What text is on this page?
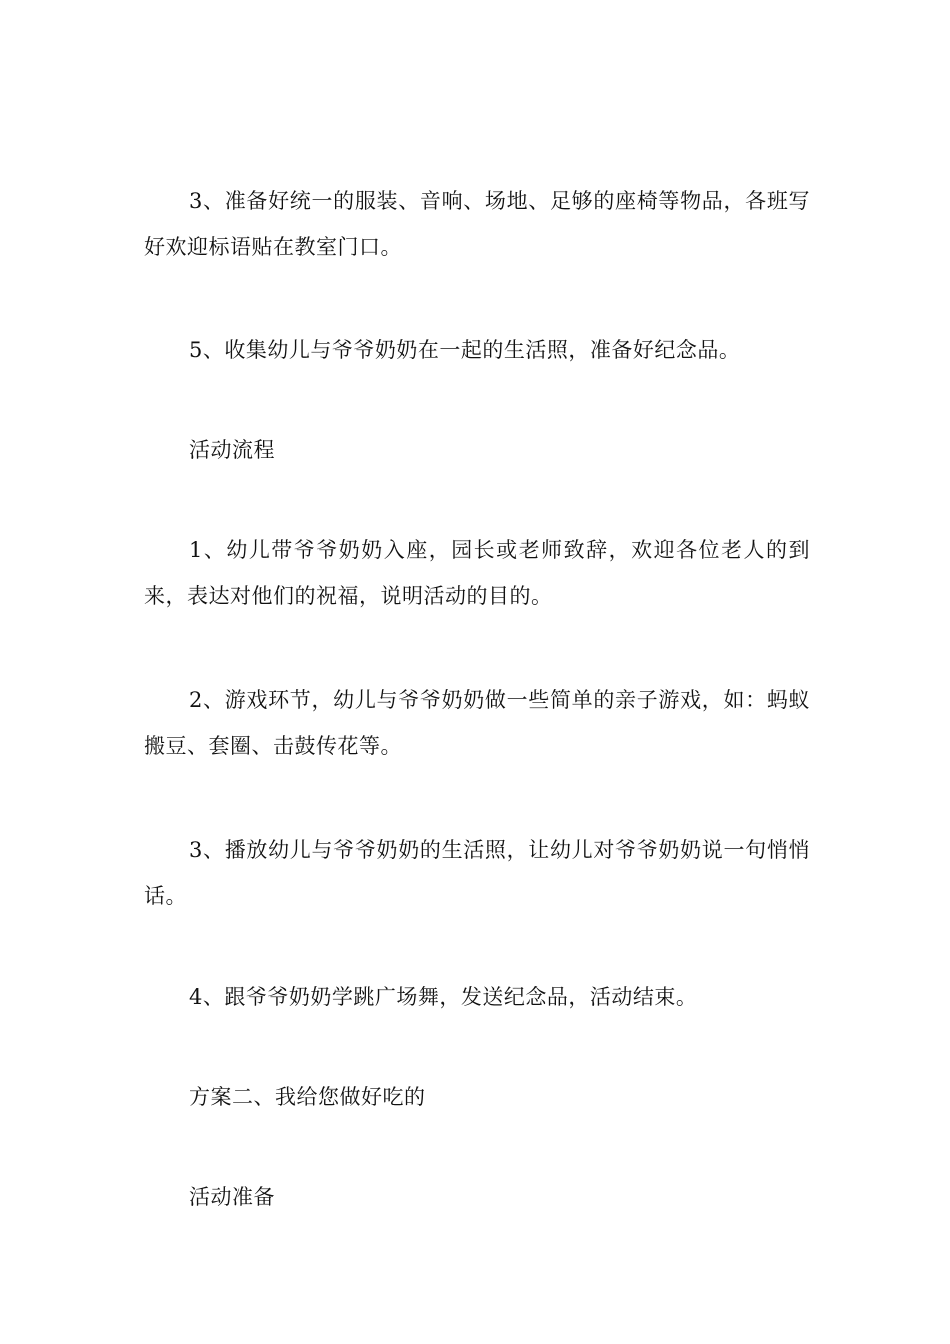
3、准备好统一的服装、音响、场地、足够的座椅等物品，各班写好欢迎标语贴在教室门口。

5、收集幼儿与爷爷奶奶在一起的生活照，准备好纪念品。

活动流程

1、幼儿带爷爷奶奶入座，园长或老师致辞，欢迎各位老人的到来，表达对他们的祝福，说明活动的目的。

2、游戏环节，幼儿与爷爷奶奶做一些简单的亲子游戏，如：蚂蚁搬豆、套圈、击鼓传花等。

3、播放幼儿与爷爷奶奶的生活照，让幼儿对爷爷奶奶说一句悄悄话。

4、跟爷爷奶奶学跳广场舞，发送纪念品，活动结束。

方案二、我给您做好吃的

活动准备
